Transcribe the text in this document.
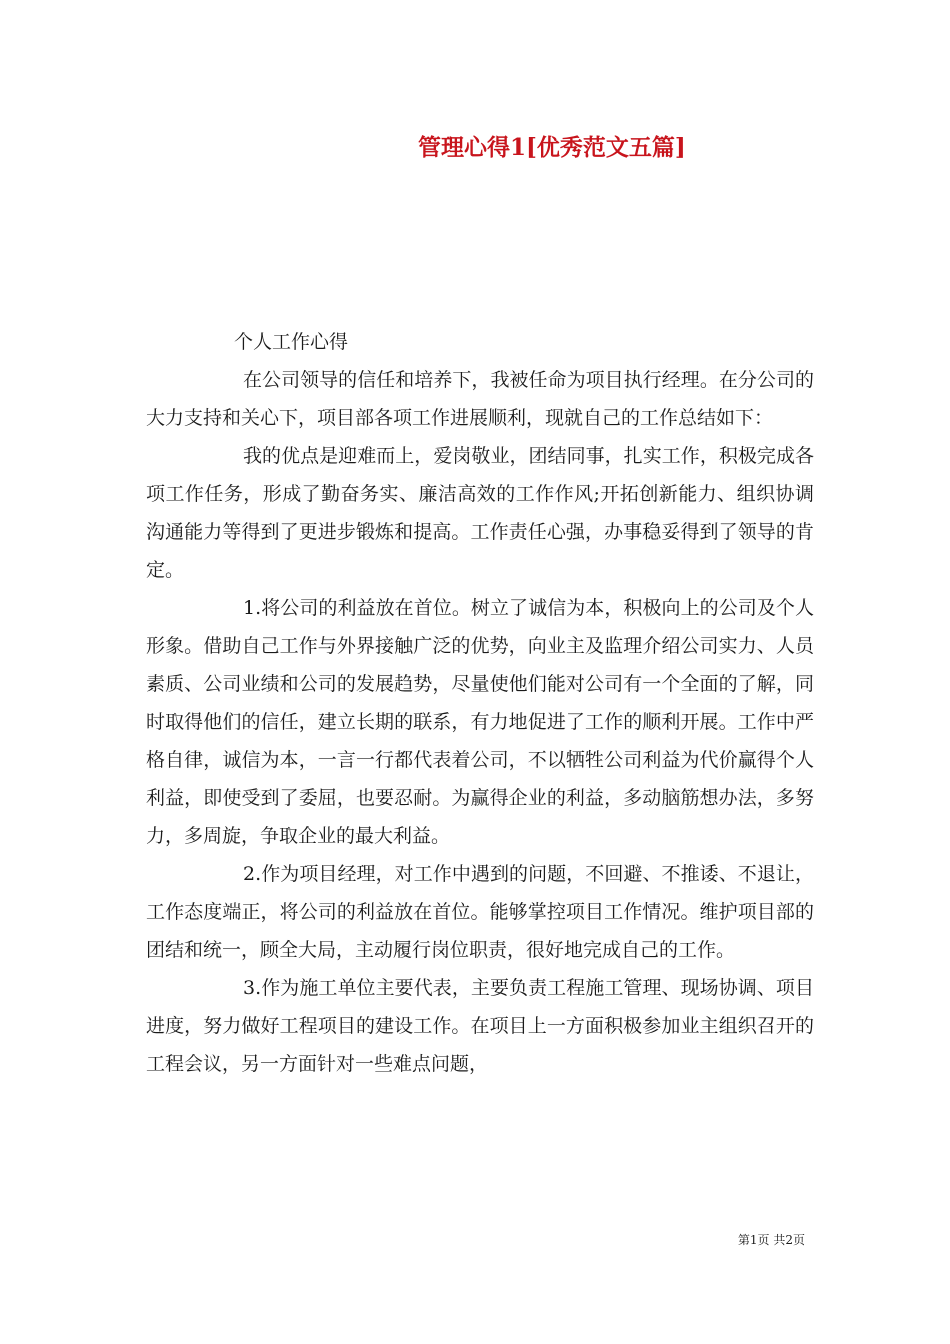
管理心得1[优秀范文五篇]

个人工作心得

在公司领导的信任和培养下，我被任命为项目执行经理。在分公司的大力支持和关心下，项目部各项工作进展顺利，现就自己的工作总结如下：

我的优点是迎难而上，爱岗敬业，团结同事，扎实工作，积极完成各项工作任务，形成了勤奋务实、廉洁高效的工作作风;开拓创新能力、组织协调沟通能力等得到了更进步锻炼和提高。工作责任心强，办事稳妥得到了领导的肯定。

1.将公司的利益放在首位。树立了诚信为本，积极向上的公司及个人形象。借助自己工作与外界接触广泛的优势，向业主及监理介绍公司实力、人员素质、公司业绩和公司的发展趋势，尽量使他们能对公司有一个全面的了解，同时取得他们的信任，建立长期的联系，有力地促进了工作的顺利开展。工作中严格自律，诚信为本，一言一行都代表着公司，不以牺牲公司利益为代价赢得个人利益，即使受到了委屈，也要忍耐。为赢得企业的利益，多动脑筋想办法，多努力，多周旋，争取企业的最大利益。

2.作为项目经理，对工作中遇到的问题，不回避、不推诿、不退让，工作态度端正，将公司的利益放在首位。能够掌控项目工作情况。维护项目部的团结和统一，顾全大局，主动履行岗位职责，很好地完成自己的工作。

3.作为施工单位主要代表，主要负责工程施工管理、现场协调、项目进度，努力做好工程项目的建设工作。在项目上一方面积极参加业主组织召开的工程会议，另一方面针对一些难点问题，

第1页 共2页
